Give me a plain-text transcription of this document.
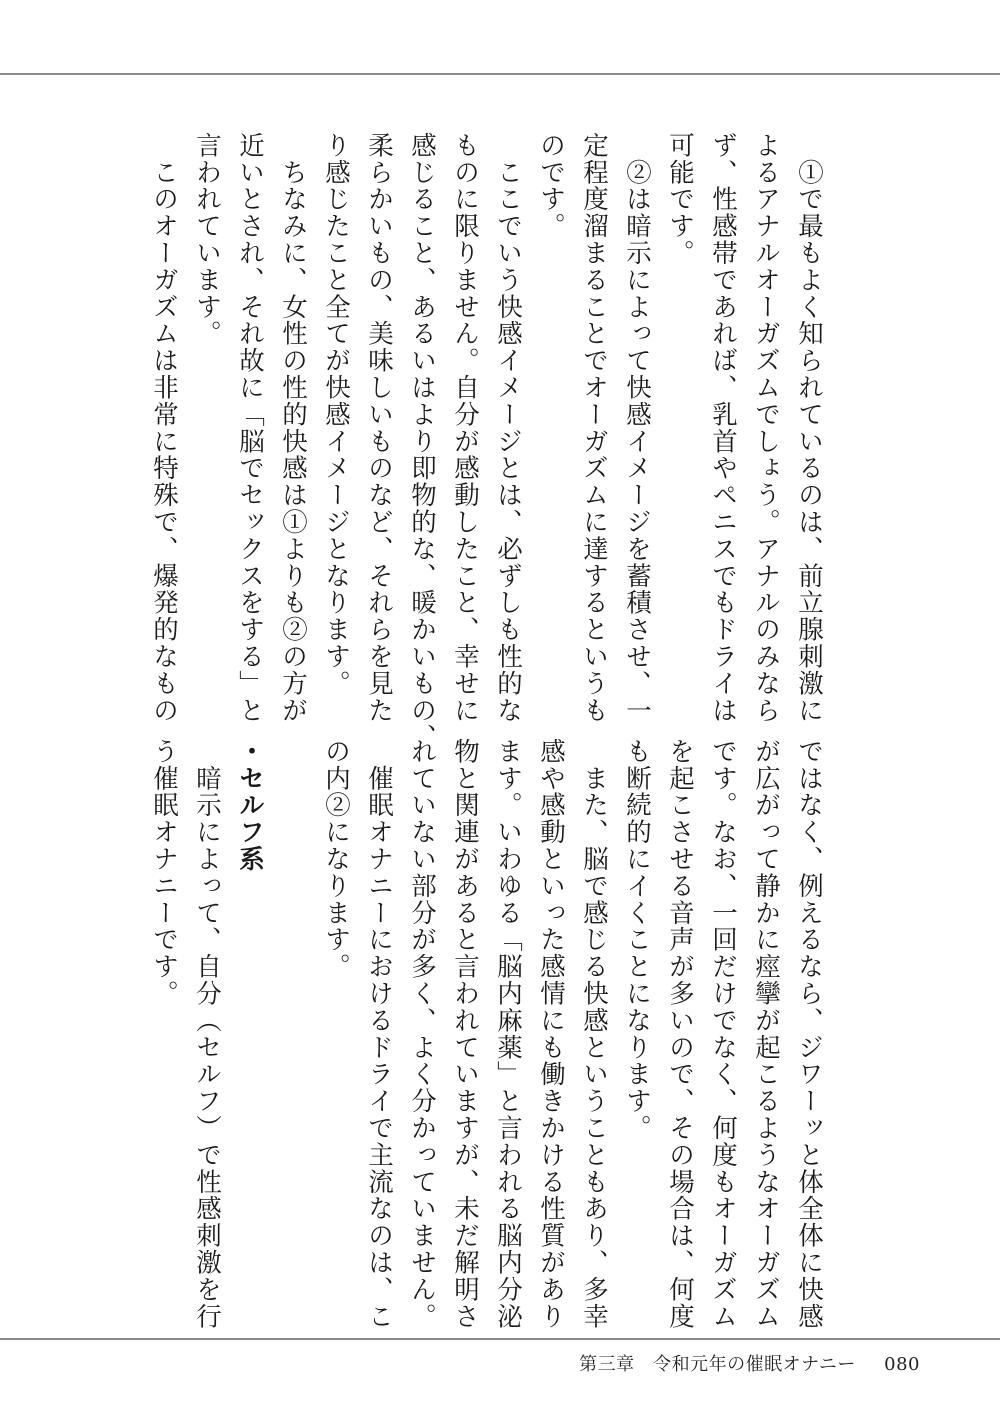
　①で最もよく知られているのは、前立腺刺激に
よるアナルオーガズムでしょう。アナルのみなら
ず、性感帯であれば、乳首やペニスでもドライは
可能です。
　②は暗示によって快感イメージを蓄積させ、一
定程度溜まることでオーガズムに達するというも
のです。
　ここでいう快感イメージとは、必ずしも性的な
ものに限りません。自分が感動したこと、幸せに
感じること、あるいはより即物的な、暖かいもの、
柔らかいもの、美味しいものなど、それらを見た
り感じたこと全てが快感イメージとなります。
　ちなみに、女性の性的快感は①よりも②の方が
近いとされ、それ故に「脳でセックスをする」と
言われています。
　このオーガズムは非常に特殊で、爆発的なもの
ではなく、例えるなら、ジワーッと体全体に快感
が広がって静かに痙攣が起こるようなオーガズム
です。なお、一回だけでなく、何度もオーガズム
を起こさせる音声が多いので、その場合は、何度
も断続的にイくことになります。
　また、脳で感じる快感ということもあり、多幸
感や感動といった感情にも働きかける性質があり
ます。いわゆる「脳内麻薬」と言われる脳内分泌
物と関連があると言われていますが、未だ解明さ
れていない部分が多く、よく分かっていません。
　催眠オナニーにおけるドライで主流なのは、こ
の内②になります。
・セルフ系
　暗示によって、自分（セルフ）で性感刺激を行
う催眠オナニーです。
第三章　令和元年の催眠オナニー 080
